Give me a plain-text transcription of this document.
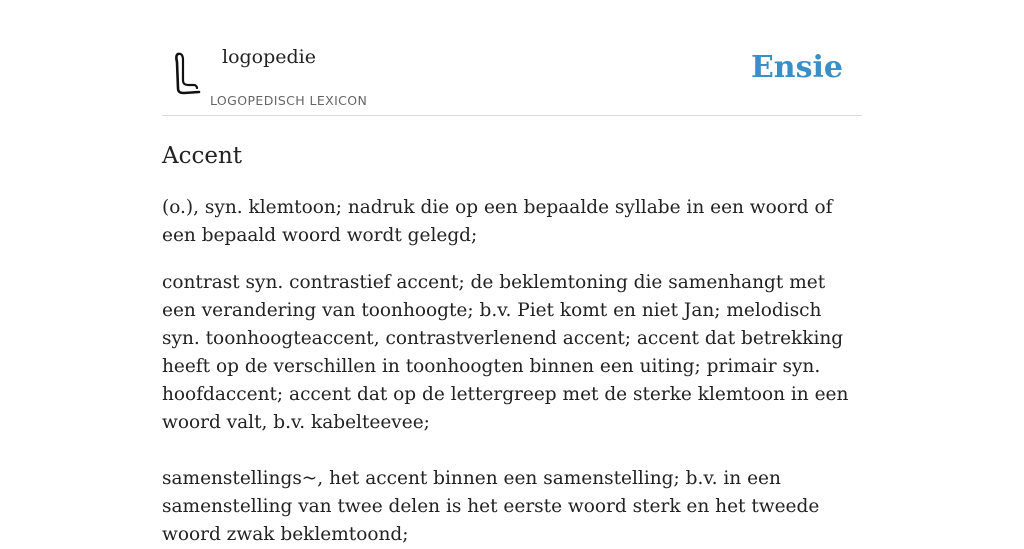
logopedie
LOGOPEDISCH LEXICON
Ensie
Accent

(o.), syn. klemtoon; nadruk die op een bepaalde syllabe in een woord of een bepaald woord wordt gelegd;

contrast syn. contrastief accent; de beklemtoning die samenhangt met een verandering van toonhoogte; b.v. Piet komt en niet Jan; melodisch syn. toonhoogteaccent, contrastverlenend accent; accent dat betrekking heeft op de verschillen in toonhoogten binnen een uiting; primair syn. hoofdaccent; accent dat op de lettergreep met de sterke klemtoon in een woord valt, b.v. kabelteevee;

samenstellings~, het accent binnen een samenstelling; b.v. in een samenstelling van twee delen is het eerste woord sterk en het tweede woord zwak beklemtoond;
